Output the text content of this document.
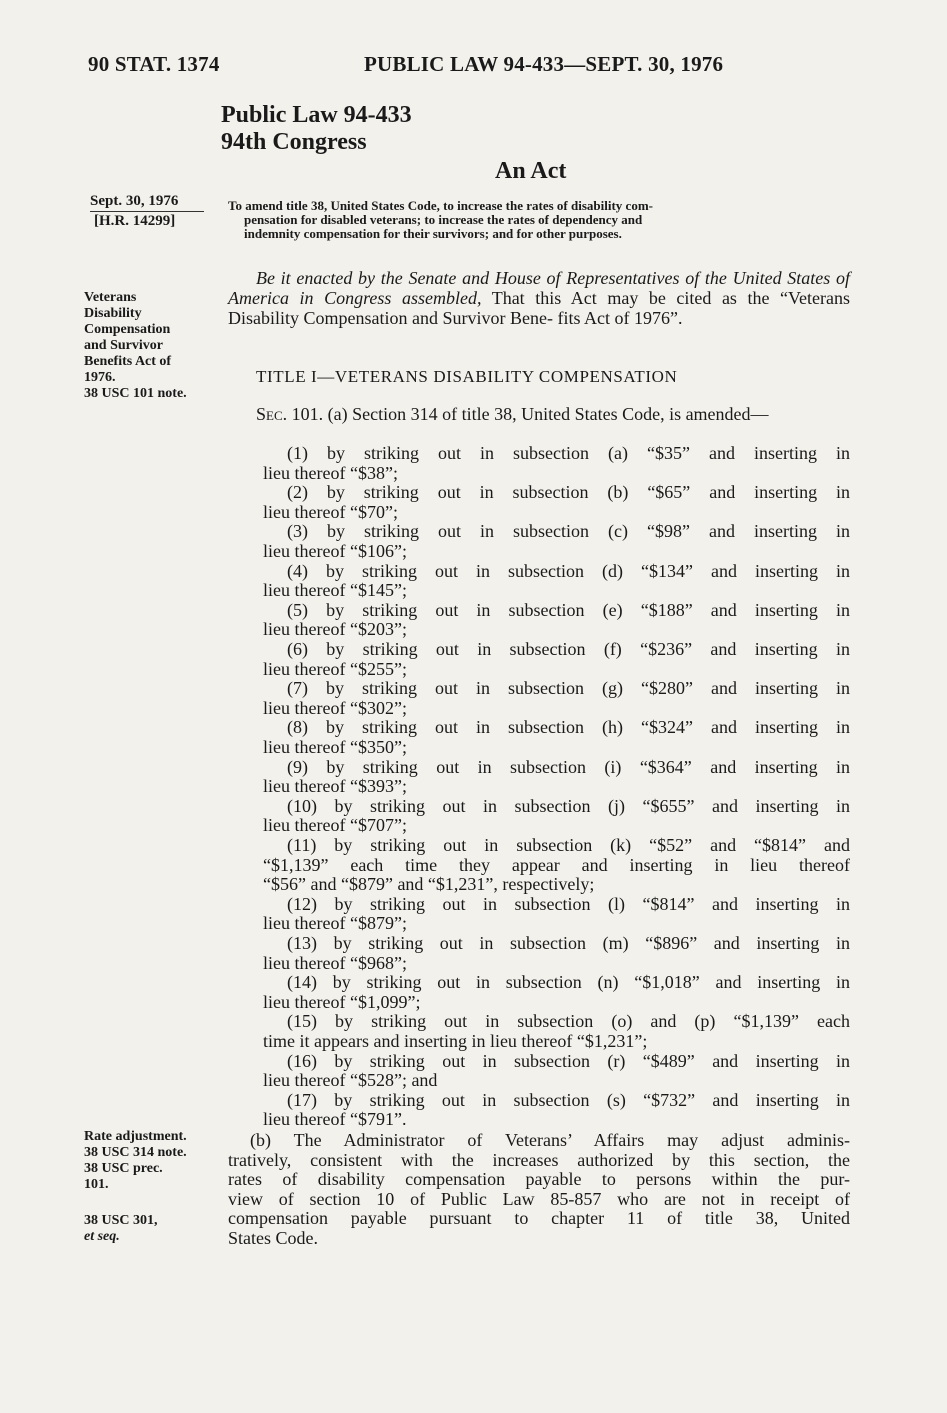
90 STAT. 1374	PUBLIC LAW 94-433—SEPT. 30, 1976
Public Law 94-433
94th Congress
An Act
Sept. 30, 1976
[H.R. 14299]
To amend title 38, United States Code, to increase the rates of disability com-
pensation for disabled veterans; to increase the rates of dependency and
indemnity compensation for their survivors; and for other purposes.
Veterans
Disability
Compensation
and Survivor
Benefits Act of
1976.
38 USC 101 note.
Be it enacted by the Senate and House of Representatives of the United States of America in Congress assembled, That this Act may be cited as the “Veterans Disability Compensation and Survivor Bene- fits Act of 1976”.
TITLE I—VETERANS DISABILITY COMPENSATION
Sec. 101. (a) Section 314 of title 38, United States Code, is amended—
(1) by striking out in subsection (a) “$35” and inserting in
lieu thereof “$38”;
(2) by striking out in subsection (b) “$65” and inserting in
lieu thereof “$70”;
(3) by striking out in subsection (c) “$98” and inserting in
lieu thereof “$106”;
(4) by striking out in subsection (d) “$134” and inserting in
lieu thereof “$145”;
(5) by striking out in subsection (e) “$188” and inserting in
lieu thereof “$203”;
(6) by striking out in subsection (f) “$236” and inserting in
lieu thereof “$255”;
(7) by striking out in subsection (g) “$280” and inserting in
lieu thereof “$302”;
(8) by striking out in subsection (h) “$324” and inserting in
lieu thereof “$350”;
(9) by striking out in subsection (i) “$364” and inserting in
lieu thereof “$393”;
(10) by striking out in subsection (j) “$655” and inserting in
lieu thereof “$707”;
(11) by striking out in subsection (k) “$52” and “$814” and
“$1,139” each time they appear and inserting in lieu thereof
“$56” and “$879” and “$1,231”, respectively;
(12) by striking out in subsection (l) “$814” and inserting in
lieu thereof “$879”;
(13) by striking out in subsection (m) “$896” and inserting in
lieu thereof “$968”;
(14) by striking out in subsection (n) “$1,018” and inserting in
lieu thereof “$1,099”;
(15) by striking out in subsection (o) and (p) “$1,139” each
time it appears and inserting in lieu thereof “$1,231”;
(16) by striking out in subsection (r) “$489” and inserting in
lieu thereof “$528”; and
(17) by striking out in subsection (s) “$732” and inserting in
lieu thereof “$791”.
Rate adjustment.
38 USC 314 note.
38 USC prec.
101.
38 USC 301,
et seq.
(b) The Administrator of Veterans’ Affairs may adjust adminis-
tratively, consistent with the increases authorized by this section, the
rates of disability compensation payable to persons within the pur-
view of section 10 of Public Law 85-857 who are not in receipt of
compensation payable pursuant to chapter 11 of title 38, United
States Code.
